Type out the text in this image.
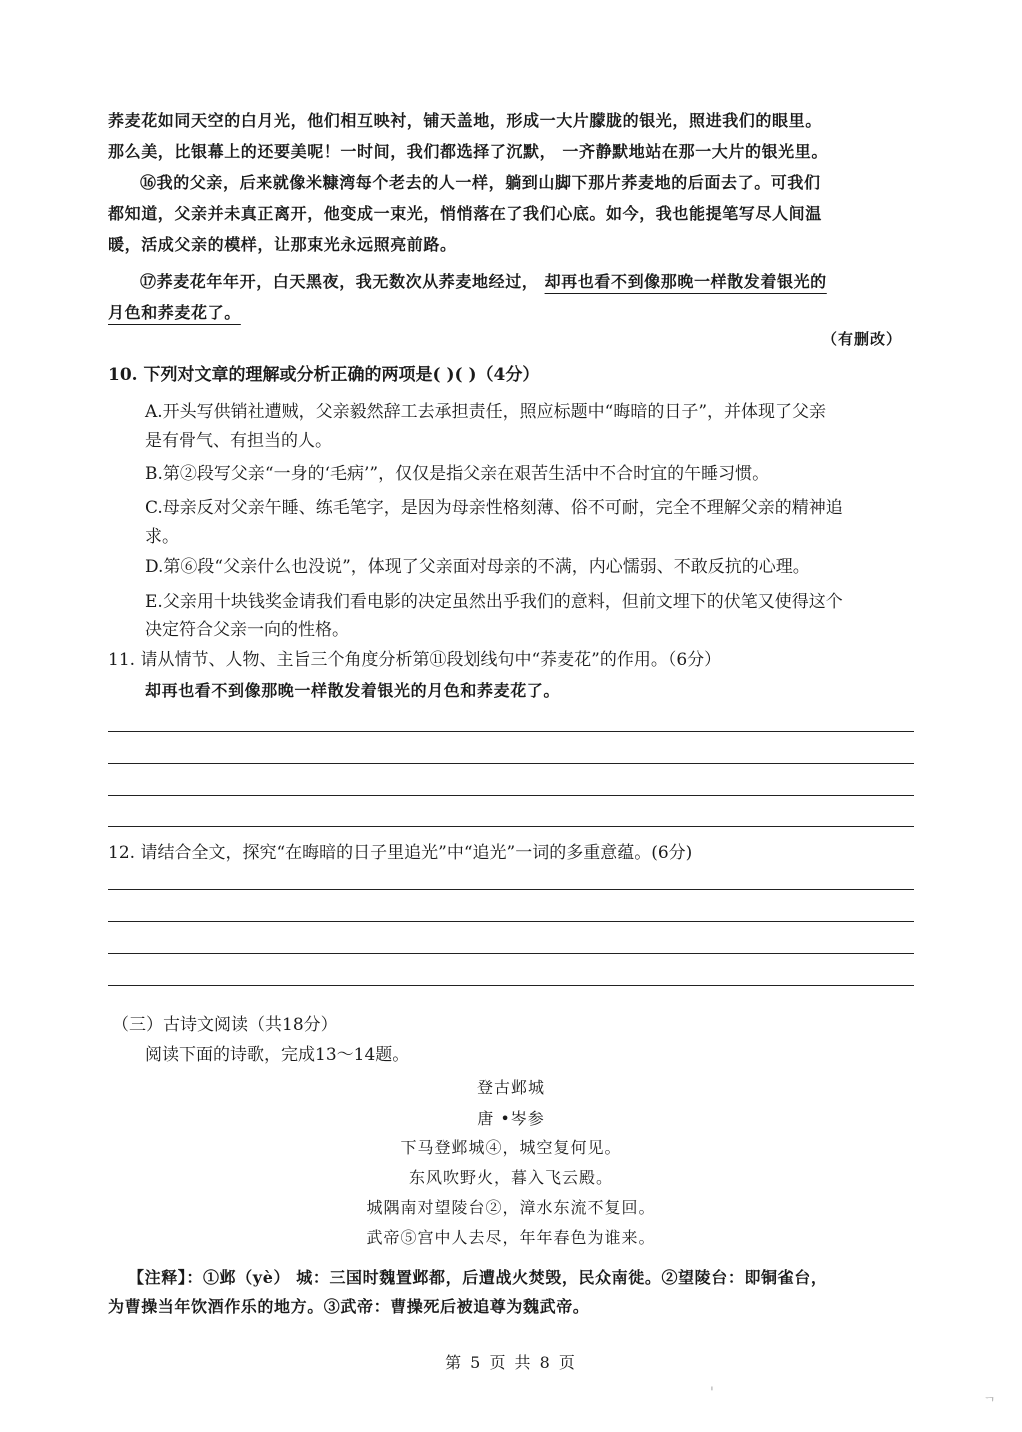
荞麦花如同天空的白月光，他们相互映衬，铺天盖地，形成一大片朦胧的银光，照进我们的眼里。
那么美，比银幕上的还要美呢！一时间，我们都选择了沉默， 一齐静默地站在那一大片的银光里。
⑯我的父亲，后来就像米糠湾每个老去的人一样，躺到山脚下那片荞麦地的后面去了。可我们
都知道，父亲并未真正离开，他变成一束光，悄悄落在了我们心底。如今，我也能提笔写尽人间温
暖，活成父亲的模样，让那束光永远照亮前路。
⑰荞麦花年年开，白天黑夜，我无数次从荞麦地经过， 却再也看不到像那晚一样散发着银光的
月色和荞麦花了。
（有删改）
10. 下列对文章的理解或分析正确的两项是( )( )（4分）
A.开头写供销社遭贼，父亲毅然辞工去承担责任，照应标题中“晦暗的日子”，并体现了父亲
是有骨气、有担当的人。
B.第②段写父亲“一身的‘毛病’”，仅仅是指父亲在艰苦生活中不合时宜的午睡习惯。
C.母亲反对父亲午睡、练毛笔字，是因为母亲性格刻薄、俗不可耐，完全不理解父亲的精神追
求。
D.第⑥段“父亲什么也没说”，体现了父亲面对母亲的不满，内心懦弱、不敢反抗的心理。
E.父亲用十块钱奖金请我们看电影的决定虽然出乎我们的意料，但前文埋下的伏笔又使得这个
决定符合父亲一向的性格。
11. 请从情节、人物、主旨三个角度分析第⑪段划线句中“荞麦花”的作用。（6分）
却再也看不到像那晚一样散发着银光的月色和荞麦花了。
12. 请结合全文，探究“在晦暗的日子里追光”中“追光”一词的多重意蕴。(6分)
（三）古诗文阅读（共18分）
阅读下面的诗歌，完成13～14题。
登古邺城
唐 •岑参
下马登邺城④，城空复何见。
东风吹野火，暮入飞云殿。
城隅南对望陵台②，漳水东流不复回。
武帝⑤宫中人去尽，年年春色为谁来。
【注释】：①邺（yè） 城：三国时魏置邺都，后遭战火焚毁，民众南徙。②望陵台：即铜雀台，
为曹操当年饮酒作乐的地方。③武帝：曹操死后被追尊为魏武帝。
第 5 页 共 8 页
'	ᆨ
